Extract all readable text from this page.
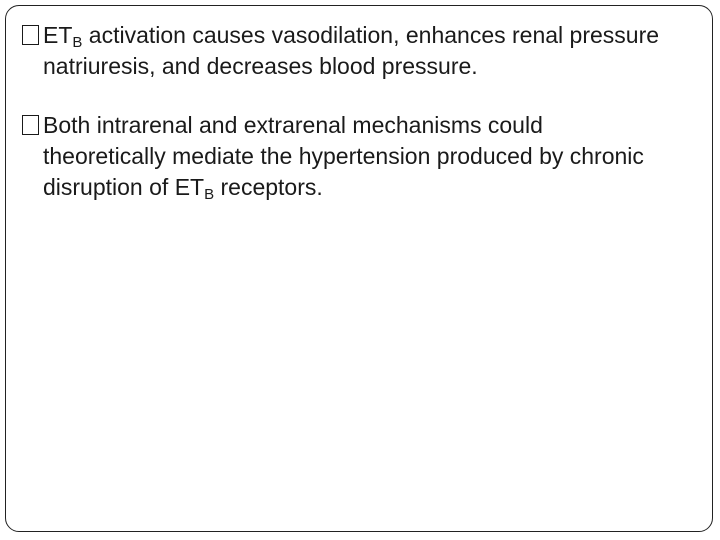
$ET_B$ activation causes vasodilation, enhances renal pressure natriuresis, and decreases blood pressure.
Both intrarenal and extrarenal mechanisms could theoretically mediate the hypertension produced by chronic disruption of $ET_B$ receptors.
